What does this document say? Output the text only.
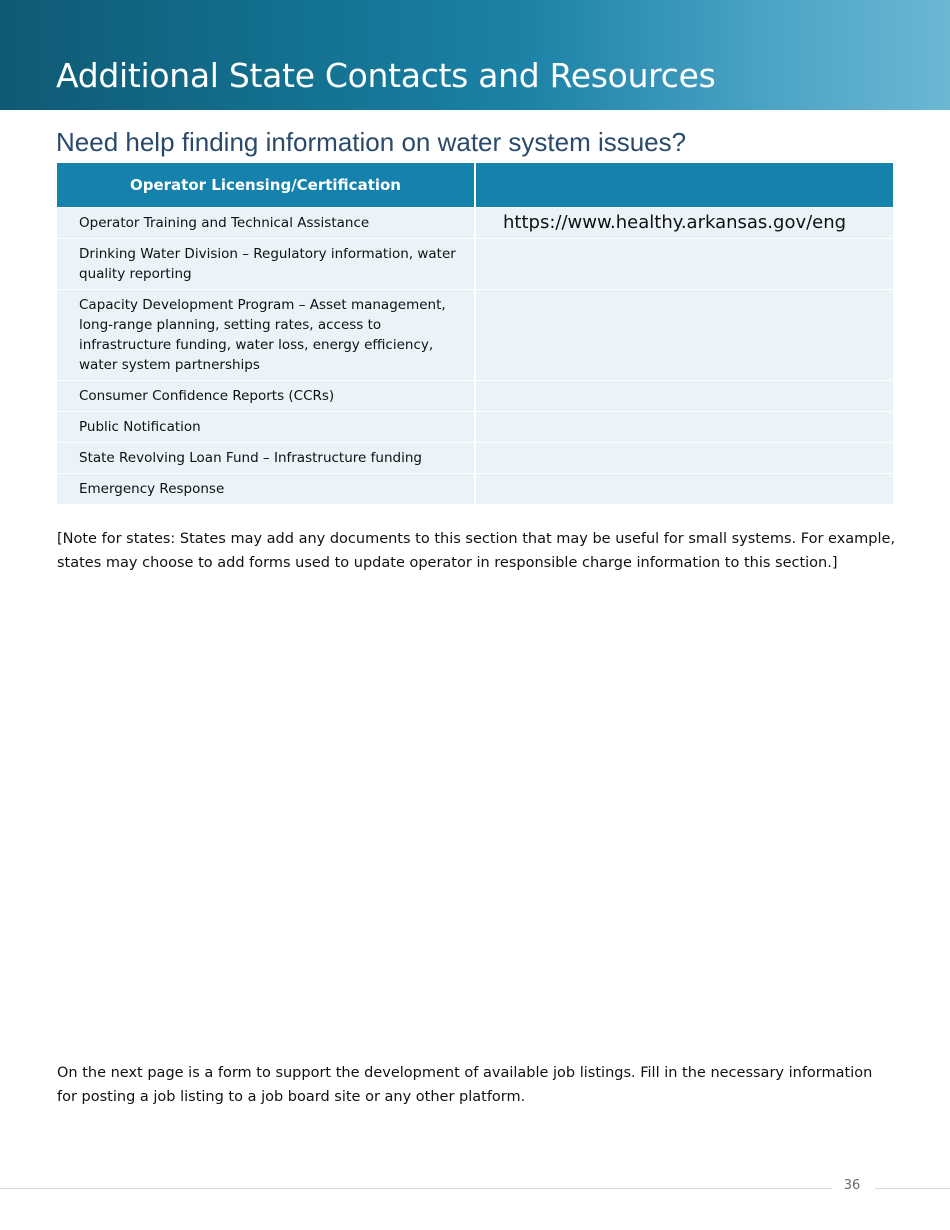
Additional State Contacts and Resources
Need help finding information on water system issues?
Operator Licensing/Certification	
Operator Training and Technical Assistance	https://www.healthy.arkansas.gov/eng
Drinking Water Division – Regulatory information, water quality reporting	
Capacity Development Program – Asset management, long-range planning, setting rates, access to infrastructure funding, water loss, energy efficiency, water system partnerships	
Consumer Confidence Reports (CCRs)	
Public Notification	
State Revolving Loan Fund – Infrastructure funding	
Emergency Response	
[Note for states: States may add any documents to this section that may be useful for small systems. For example, states may choose to add forms used to update operator in responsible charge information to this section.]
On the next page is a form to support the development of available job listings. Fill in the necessary information for posting a job listing to a job board site or any other platform.
36
